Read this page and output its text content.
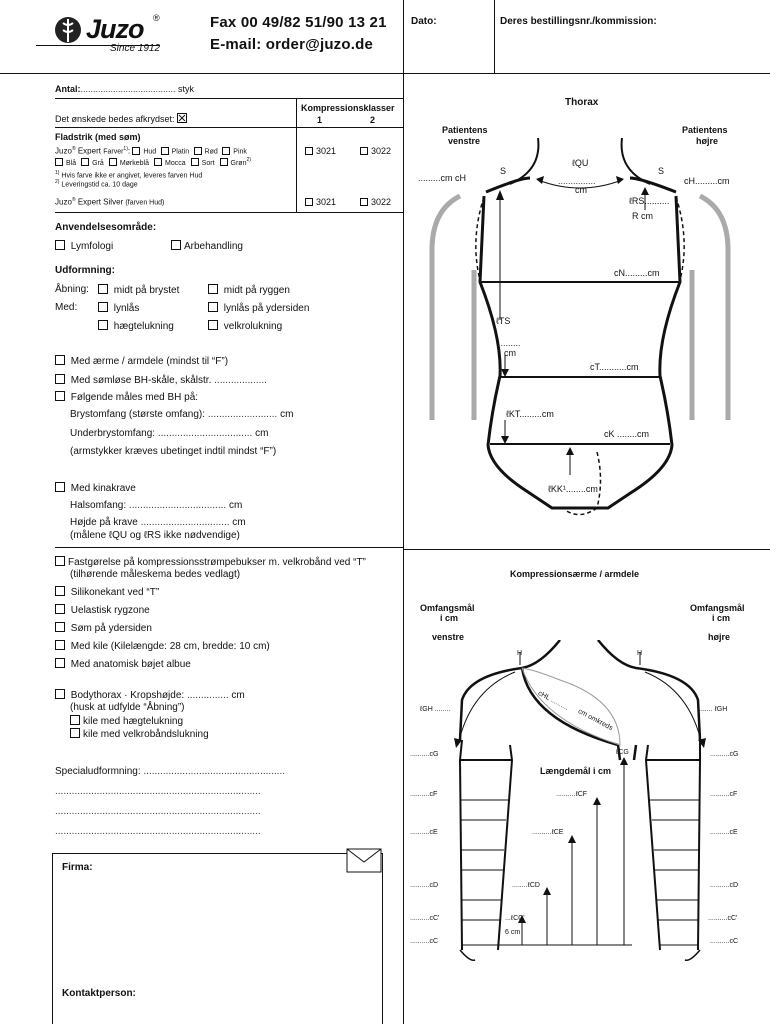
Juzo ®
Since 1912
Fax 00 49/82 51/90 13 21
E-mail: order@juzo.de
Dato:	Deres bestillingsnr./kommission:
Antal:...................................... styk
Kompressionsklasser
1	2
Det ønskede bedes afkrydset:
Fladstrik (med søm)
Juzo® Expert Farver$^{1)}$: Hud Platin Rød Pink
Blå Grå Mørkeblå Mocca Sort Grøn$^{2)}$
3021	3022
$^{1)}$ Hvis farve ikke er angivet, leveres farven Hud
$^{2)}$ Leveringstid ca. 10 dage
Juzo® Expert Silver (farven Hud)	3021	3022
Anvendelsesområde:
Lymfologi	Arbehandling
Udformning:
Åbning:	midt på brystet	midt på ryggen
Med:	lynlås	lynlås på ydersiden
hægtelukning	velkrolukning
Med ærme / armdele (mindst til “F”)
Med sømløse BH-skåle, skålstr. ...................
Følgende måles med BH på:
Brystomfang (største omfang): ......................... cm
Underbrystomfang: .................................. cm
(armstykker kræves ubetinget indtil mindst “F”)
Med kinakrave
Halsomfang: ................................... cm
Højde på krave ................................ cm
(målene ℓQU og ℓRS ikke nødvendige)
Fastgørelse på kompressionsstrømpebukser m. velkrobånd ved “T”
(tilhørende måleskema bedes vedlagt)
Silikonekant ved “T”
Uelastisk rygzone
Søm på ydersiden
Med kile (Kilelængde: 28 cm, bredde: 10 cm)
Med anatomisk bøjet albue
Bodythorax · Kropshøjde: ............... cm
(husk at udfylde “Åbning”)
kile med hægtelukning
kile med velkrobåndslukning
Specialudformning: ...................................................
..........................................................................
..........................................................................
..........................................................................
Firma:
Kontaktperson:
Thorax
Patientens
venstre
Patientens
højre
S	S
ℓQU
...............
cm
.........cm cH	cH.........cm
ℓRS..........
R cm
cN.........cm
ℓTS
.........
cm
cT...........cm
ℓKT.........cm
cK ........cm
ℓKK¹........cm
Kompressionsærme / armdele
Omfangsmål
i cm
Omfangsmål
i cm
venstre	højre
H	H
cHL ..........
cm omkreds
ℓGH ........	........ ℓGH
ℓCG
Længdemål i cm
..........cG	..........cG
..........cF	..........cF
..........ℓCF
..........cE	..........cE
..........ℓCE
..........cD	..........cD
........ℓCD
..........cC'	..........cC'
...ℓCC'
6 cm
..........cC	..........cC
